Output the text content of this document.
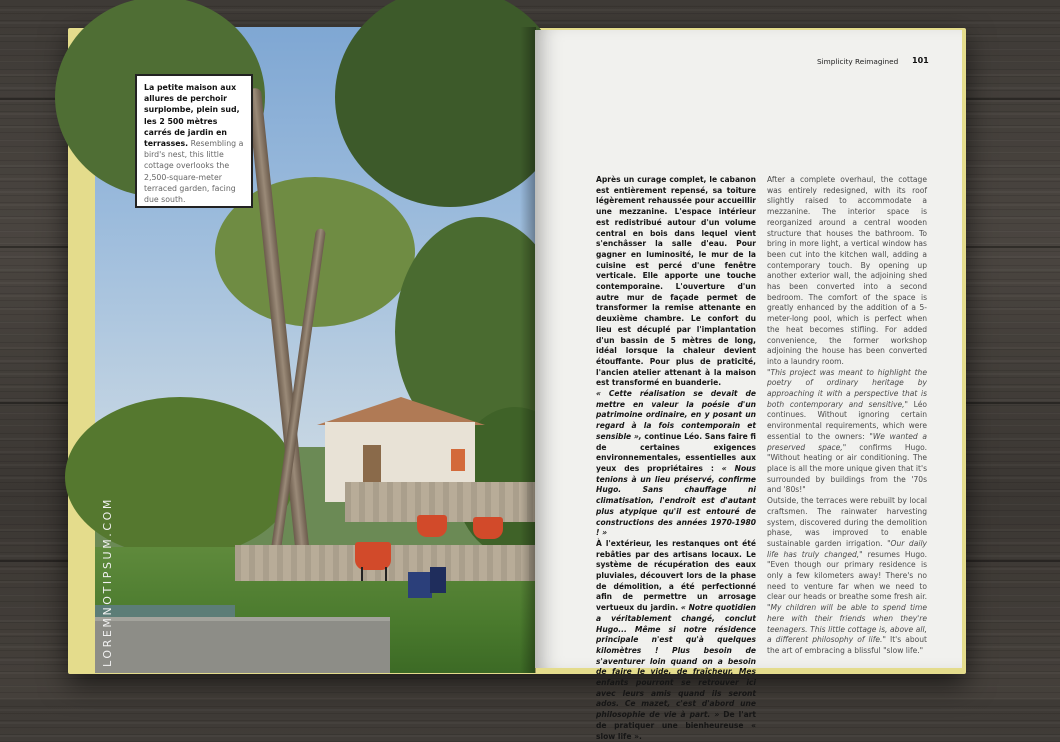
La petite maison aux allures de perchoir surplombe, plein sud, les 2 500 mètres carrés de jardin en terrasses. Resembling a bird's nest, this little cottage overlooks the 2,500-square-meter terraced garden, facing due south.
LOREMNOTIPSUM.COM
Simplicity Reimagined 101

Après un curage complet, le cabanon est entièrement repensé, sa toiture légèrement rehaussée pour accueillir une mezzanine. L'espace intérieur est redistribué autour d'un volume central en bois dans lequel vient s'enchâsser la salle d'eau. Pour gagner en luminosité, le mur de la cuisine est percé d'une fenêtre verticale. Elle apporte une touche contemporaine. L'ouverture d'un autre mur de façade permet de transformer la remise attenante en deuxième chambre. Le confort du lieu est décuplé par l'implantation d'un bassin de 5 mètres de long, idéal lorsque la chaleur devient étouffante. Pour plus de praticité, l'ancien atelier attenant à la maison est transformé en buanderie.

« Cette réalisation se devait de mettre en valeur la poésie d'un patrimoine ordinaire, en y posant un regard à la fois contemporain et sensible », continue Léo. Sans faire fi de certaines exigences environnementales, essentielles aux yeux des propriétaires : « Nous tenions à un lieu préservé, confirme Hugo. Sans chauffage ni climatisation, l'endroit est d'autant plus atypique qu'il est entouré de constructions des années 1970-1980 ! »

À l'extérieur, les restanques ont été rebâties par des artisans locaux. Le système de récupération des eaux pluviales, découvert lors de la phase de démolition, a été perfectionné afin de permettre un arrosage vertueux du jardin. « Notre quotidien a véritablement changé, conclut Hugo... Même si notre résidence principale n'est qu'à quelques kilomètres ! Plus besoin de s'aventurer loin quand on a besoin de faire le vide, de fraîcheur. Mes enfants pourront se retrouver ici avec leurs amis quand ils seront ados. Ce mazet, c'est d'abord une philosophie de vie à part. » De l'art de pratiquer une bienheureuse « slow life ».

After a complete overhaul, the cottage was entirely redesigned, with its roof slightly raised to accommodate a mezzanine. The interior space is reorganized around a central wooden structure that houses the bathroom. To bring in more light, a vertical window has been cut into the kitchen wall, adding a contemporary touch. By opening up another exterior wall, the adjoining shed has been converted into a second bedroom. The comfort of the space is greatly enhanced by the addition of a 5-meter-long pool, which is perfect when the heat becomes stifling. For added convenience, the former workshop adjoining the house has been converted into a laundry room.

"This project was meant to highlight the poetry of ordinary heritage by approaching it with a perspective that is both contemporary and sensitive," Léo continues. Without ignoring certain environmental requirements, which were essential to the owners: "We wanted a preserved space," confirms Hugo. "Without heating or air conditioning. The place is all the more unique given that it's surrounded by buildings from the '70s and '80s!"

Outside, the terraces were rebuilt by local craftsmen. The rainwater harvesting system, discovered during the demolition phase, was improved to enable sustainable garden irrigation. "Our daily life has truly changed," resumes Hugo. "Even though our primary residence is only a few kilometers away! There's no need to venture far when we need to clear our heads or breathe some fresh air. "My children will be able to spend time here with their friends when they're teenagers. This little cottage is, above all, a different philosophy of life." It's about the art of embracing a blissful "slow life."
